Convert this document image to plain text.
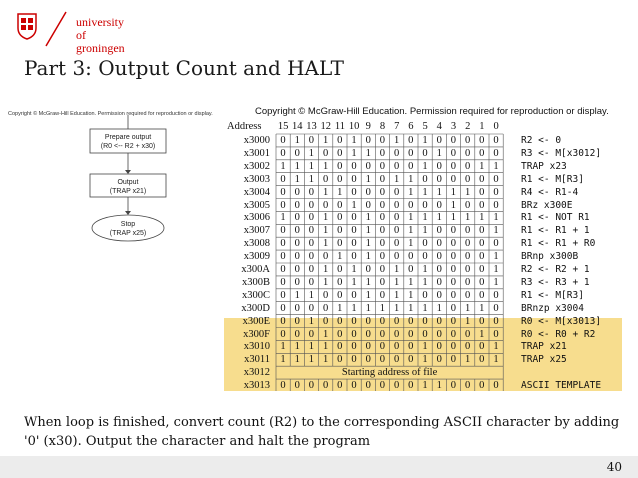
university of
groningen
Part 3: Output Count and HALT
Copyright © McGraw-Hill Education. Permission required for reproduction or display.	Copyright © McGraw-Hill Education. Permission required for reproduction or display.
Prepare output
(R0 <-- R2 + x30)
Output
(TRAP x21)
Stop
(TRAP x25)
Address	15 14 13 12 11 10 9 8 7 6 5 4 3 2 1 0
x3000 0 1 0 1 0 1 0 0 1 0 1 0 0 0 0 0	R2 <- 0
x3001 0 0 1 0 0 1 1 0 0 0 0 1 0 0 0 0	R3 <- M[x3012]
x3002 1 1 1 1 0 0 0 0 0 0 1 0 0 0 1 1	TRAP x23
x3003 0 1 1 0 0 0 1 0 1 1 0 0 0 0 0 0	R1 <- M[R3]
x3004 0 0 0 1 1 0 0 0 0 1 1 1 1 1 0 0	R4 <- R1-4
x3005 0 0 0 0 0 1 0 0 0 0 0 0 1 0 0 0	BRz x300E
x3006 1 0 0 1 0 0 1 0 0 1 1 1 1 1 1 1	R1 <- NOT R1
x3007 0 0 0 1 0 0 1 0 0 1 1 0 0 0 0 1	R1 <- R1 + 1
x3008 0 0 0 1 0 0 1 0 0 1 0 0 0 0 0 0	R1 <- R1 + R0
x3009 0 0 0 0 1 0 1 0 0 0 0 0 0 0 0 1	BRnp x300B
x300A 0 0 0 1 0 1 0 0 1 0 1 0 0 0 0 1	R2 <- R2 + 1
x300B 0 0 0 1 0 1 1 0 1 1 1 0 0 0 0 1	R3 <- R3 + 1
x300C 0 1 1 0 0 0 1 0 1 1 0 0 0 0 0 0	R1 <- M[R3]
x300D 0 0 0 0 1 1 1 1 1 1 1 1 0 1 1 0	BRnzp x3004
x300E 0 0 1 0 0 0 0 0 0 0 0 0 0 1 0 0	R0 <- M[x3013]
x300F 0 0 0 1 0 0 0 0 0 0 0 0 0 0 1 0	R0 <- R0 + R2
x3010 1 1 1 1 0 0 0 0 0 0 1 0 0 0 0 1	TRAP x21
x3011 1 1 1 1 0 0 0 0 0 0 1 0 0 1 0 1	TRAP x25
x3012	Starting address of file
x3013 0 0 0 0 0 0 0 0 0 0 1 1 0 0 0 0	ASCII TEMPLATE
When loop is finished, convert count (R2) to the corresponding ASCII character by adding '0' (x30). Output the character and halt the program
40
